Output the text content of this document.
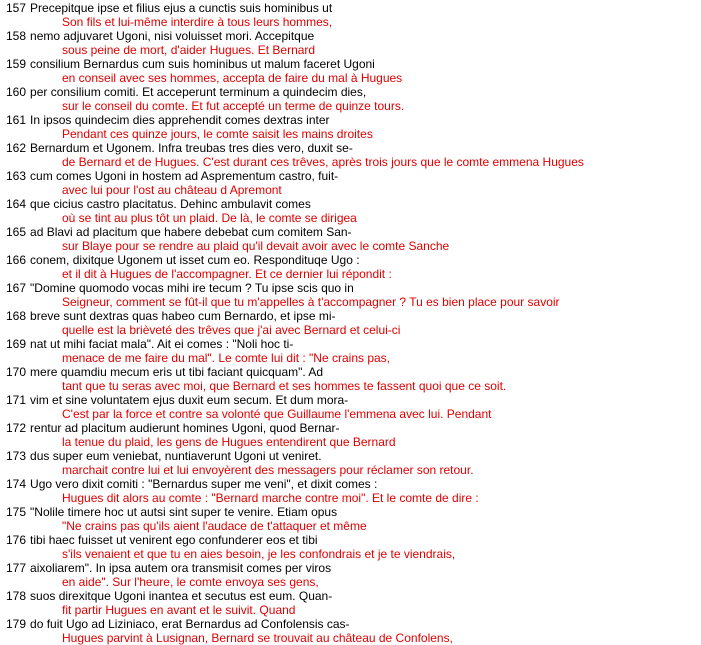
157 Precepitque ipse et filius ejus a cunctis suis hominibus ut
Son fils et lui-même interdire à tous leurs hommes,
158 nemo adjuvaret Ugoni, nisi voluisset mori. Accepitque
sous peine de mort, d'aider Hugues. Et Bernard
159 consilium Bernardus cum suis hominibus ut malum faceret Ugoni
en conseil avec ses hommes, accepta de faire du mal à Hugues
160 per consilium comiti. Et acceperunt terminum a quindecim dies,
sur le conseil du comte. Et fut accepté un terme de quinze tours.
161 In ipsos quindecim dies apprehendit comes dextras inter
Pendant ces quinze jours, le comte saisit les mains droites
162 Bernardum et Ugonem. Infra treubas tres dies vero, duxit se-
de Bernard et de Hugues. C'est durant ces trêves, après trois jours que le comte emmena Hugues
163 cum comes Ugoni in hostem ad Asprementum castro, fuit-
avec lui pour l'ost au château d Apremont
164 que cicius castro placitatus. Dehinc ambulavit comes
où se tint au plus tôt un plaid. De là, le comte se dirigea
165 ad Blavi ad placitum que habere debebat cum comitem San-
sur Blaye pour se rendre au plaid qu'il devait avoir avec le comte Sanche
166 conem, dixitque Ugonem ut isset cum eo. Respondituqe Ugo :
et il dit à Hugues de l'accompagner. Et ce dernier lui répondit :
167 "Domine quomodo vocas mihi ire tecum ? Tu ipse scis quo in
Seigneur, comment se fût-il que tu m'appelles à t'accompagner ? Tu es bien place pour savoir
168 breve sunt dextras quas habeo cum Bernardo, et ipse mi-
quelle est la brièveté des trêves que j'ai avec Bernard et celui-ci
169 nat ut mihi faciat mala". Ait ei comes : "Noli hoc ti-
menace de me faire du mal". Le comte lui dit : "Ne crains pas,
170 mere quamdiu mecum eris ut tibi faciant quicquam". Ad
tant que tu seras avec moi, que Bernard et ses hommes te fassent quoi que ce soit.
171 vim et sine voluntatem ejus duxit eum secum. Et dum mora-
C'est par la force et contre sa volonté que Guillaume l'emmena avec lui. Pendant
172 rentur ad placitum audierunt homines Ugoni, quod Bernar-
la tenue du plaid, les gens de Hugues entendirent que Bernard
173 dus super eum veniebat, nuntiaverunt Ugoni ut veniret.
marchait contre lui et lui envoyèrent des messagers pour réclamer son retour.
174 Ugo vero dixit comiti : "Bernardus super me veni", et dixit comes :
Hugues dit alors au comte : "Bernard marche contre moi". Et le comte de dire :
175 "Nolile timere hoc ut autsi sint super te venire. Etiam opus
"Ne crains pas qu'ils aient l'audace de t'attaquer et même
176 tibi haec fuisset ut venirent ego confunderer eos et tibi
s'ils venaient et que tu en aies besoin, je les confondrais et je te viendrais,
177 aixoliarem". In ipsa autem ora transmisit comes per viros
en aide". Sur l'heure, le comte envoya ses gens,
178 suos direxitque Ugoni inantea et secutus est eum. Quan-
fit partir Hugues en avant et le suivit. Quand
179 do fuit Ugo ad Liziniaco, erat Bernardus ad Confolensis cas-
Hugues parvint à Lusignan, Bernard se trouvait au château de Confolens,
